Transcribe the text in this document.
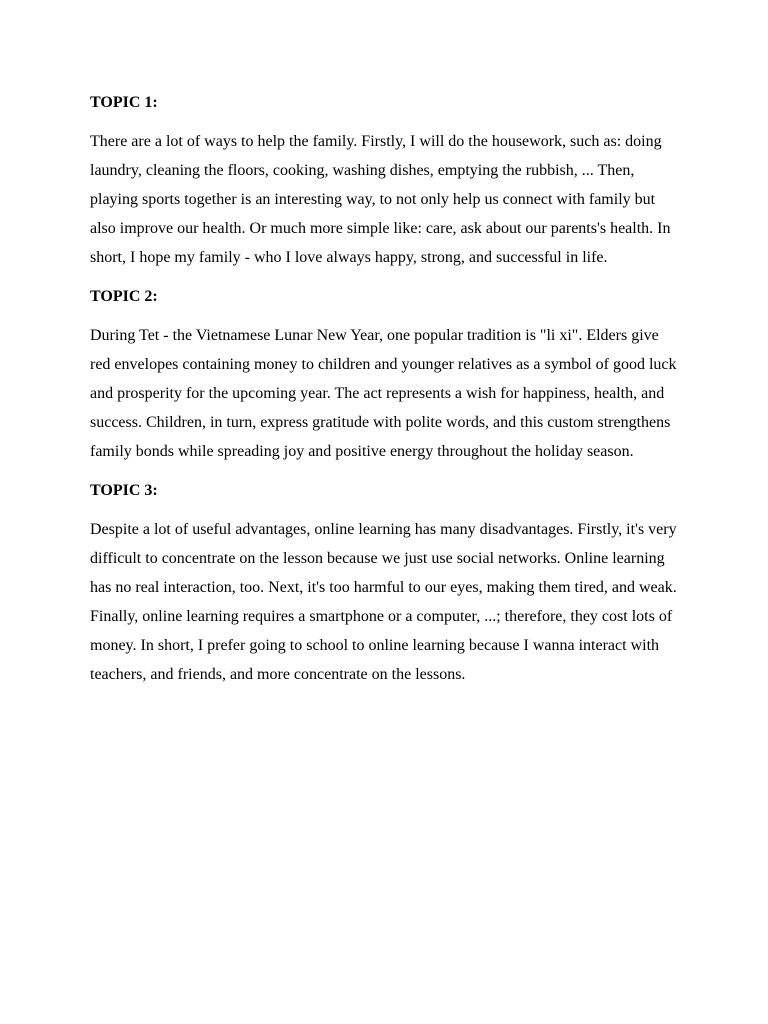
TOPIC 1:

There are a lot of ways to help the family. Firstly, I will do the housework, such as: doing laundry, cleaning the floors, cooking, washing dishes, emptying the rubbish, ... Then, playing sports together is an interesting way, to not only help us connect with family but also improve our health. Or much more simple like: care, ask about our parents's health. In short, I hope my family - who I love always happy, strong, and successful in life.

TOPIC 2:

During Tet - the Vietnamese Lunar New Year, one popular tradition is "li xi". Elders give red envelopes containing money to children and younger relatives as a symbol of good luck and prosperity for the upcoming year. The act represents a wish for happiness, health, and success. Children, in turn, express gratitude with polite words, and this custom strengthens family bonds while spreading joy and positive energy throughout the holiday season.

TOPIC 3:

Despite a lot of useful advantages, online learning has many disadvantages. Firstly, it's very difficult to concentrate on the lesson because we just use social networks. Online learning has no real interaction, too. Next, it's too harmful to our eyes, making them tired, and weak. Finally, online learning requires a smartphone or a computer, ...; therefore, they cost lots of money. In short, I prefer going to school to online learning because I wanna interact with teachers, and friends, and more concentrate on the lessons.
